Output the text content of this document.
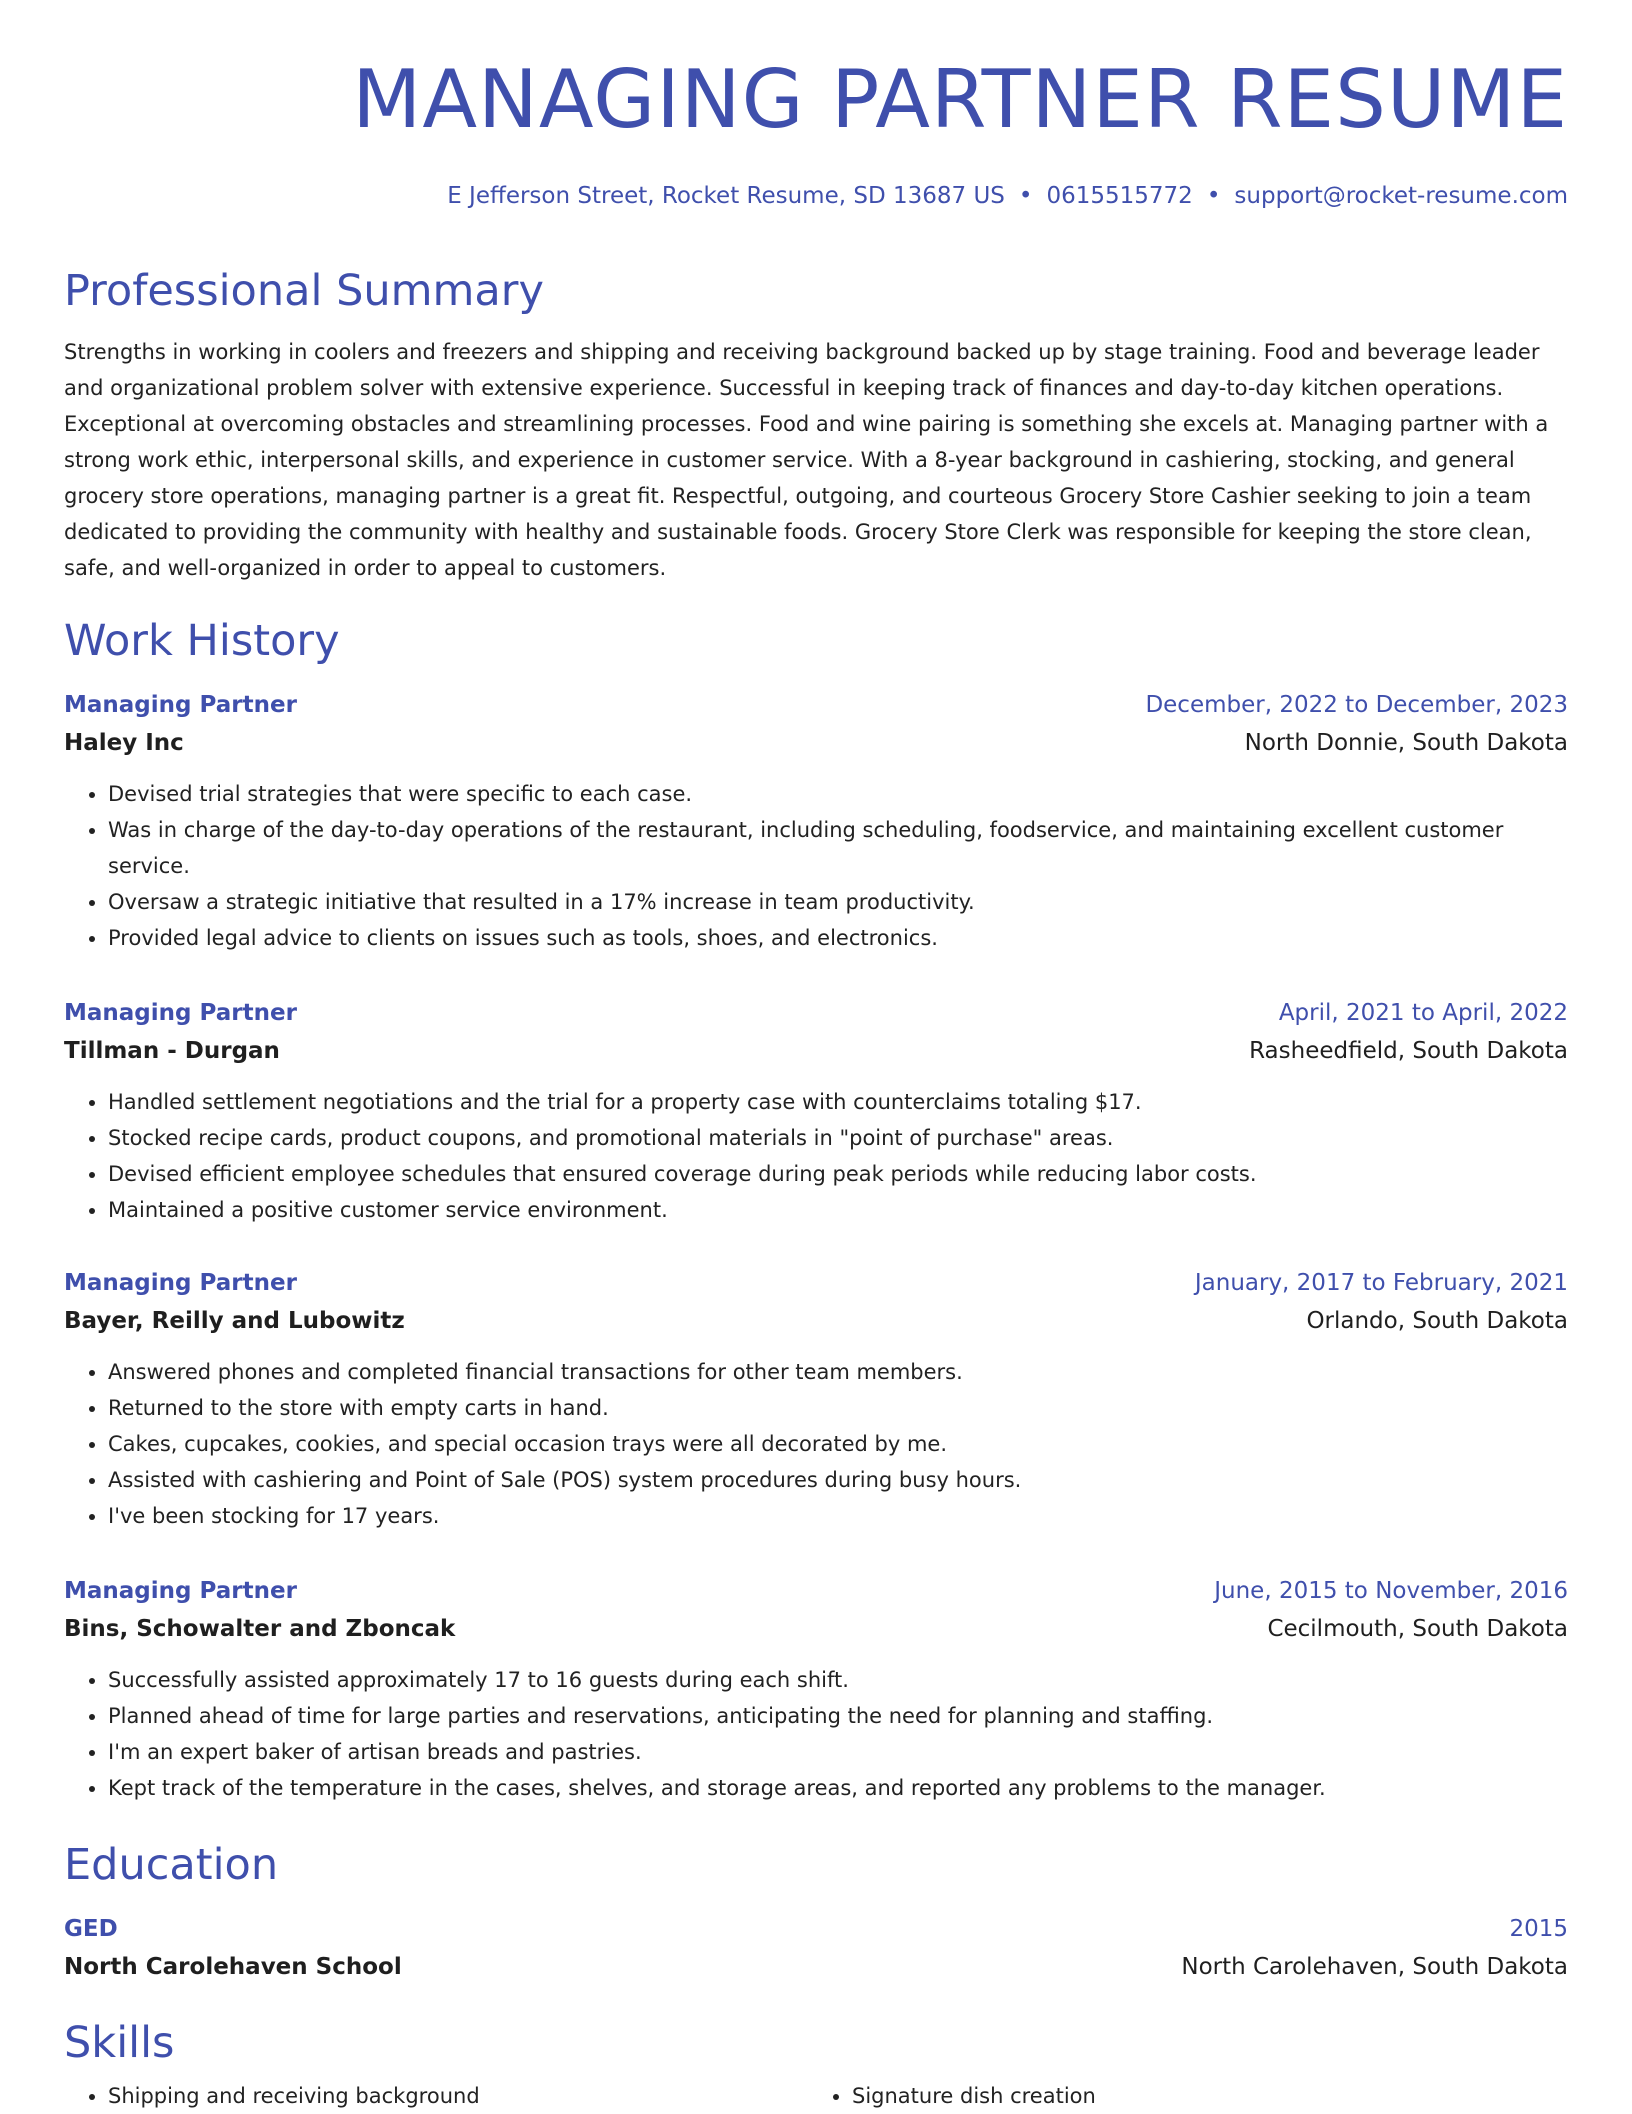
MANAGING PARTNER RESUME
E Jefferson Street, Rocket Resume, SD 13687 US • 0615515772 • support@rocket-resume.com
Professional Summary

Strengths in working in coolers and freezers and shipping and receiving background backed up by stage training. Food and beverage leader and organizational problem solver with extensive experience. Successful in keeping track of finances and day-to-day kitchen operations. Exceptional at overcoming obstacles and streamlining processes. Food and wine pairing is something she excels at. Managing partner with a strong work ethic, interpersonal skills, and experience in customer service. With a 8-year background in cashiering, stocking, and general grocery store operations, managing partner is a great fit. Respectful, outgoing, and courteous Grocery Store Cashier seeking to join a team dedicated to providing the community with healthy and sustainable foods. Grocery Store Clerk was responsible for keeping the store clean, safe, and well-organized in order to appeal to customers.

Work History
Managing Partner	December, 2022 to December, 2023
Haley Inc	North Donnie, South Dakota
• Devised trial strategies that were specific to each case.
• Was in charge of the day-to-day operations of the restaurant, including scheduling, foodservice, and maintaining excellent customer service.
• Oversaw a strategic initiative that resulted in a 17% increase in team productivity.
• Provided legal advice to clients on issues such as tools, shoes, and electronics.
Managing Partner	April, 2021 to April, 2022
Tillman - Durgan	Rasheedfield, South Dakota
• Handled settlement negotiations and the trial for a property case with counterclaims totaling $17.
• Stocked recipe cards, product coupons, and promotional materials in "point of purchase" areas.
• Devised efficient employee schedules that ensured coverage during peak periods while reducing labor costs.
• Maintained a positive customer service environment.
Managing Partner	January, 2017 to February, 2021
Bayer, Reilly and Lubowitz	Orlando, South Dakota
• Answered phones and completed financial transactions for other team members.
• Returned to the store with empty carts in hand.
• Cakes, cupcakes, cookies, and special occasion trays were all decorated by me.
• Assisted with cashiering and Point of Sale (POS) system procedures during busy hours.
• I've been stocking for 17 years.
Managing Partner	June, 2015 to November, 2016
Bins, Schowalter and Zboncak	Cecilmouth, South Dakota
• Successfully assisted approximately 17 to 16 guests during each shift.
• Planned ahead of time for large parties and reservations, anticipating the need for planning and staffing.
• I'm an expert baker of artisan breads and pastries.
• Kept track of the temperature in the cases, shelves, and storage areas, and reported any problems to the manager.
Education
GED	2015
North Carolehaven School	North Carolehaven, South Dakota
Skills
• Shipping and receiving background
•	Signature dish creation
